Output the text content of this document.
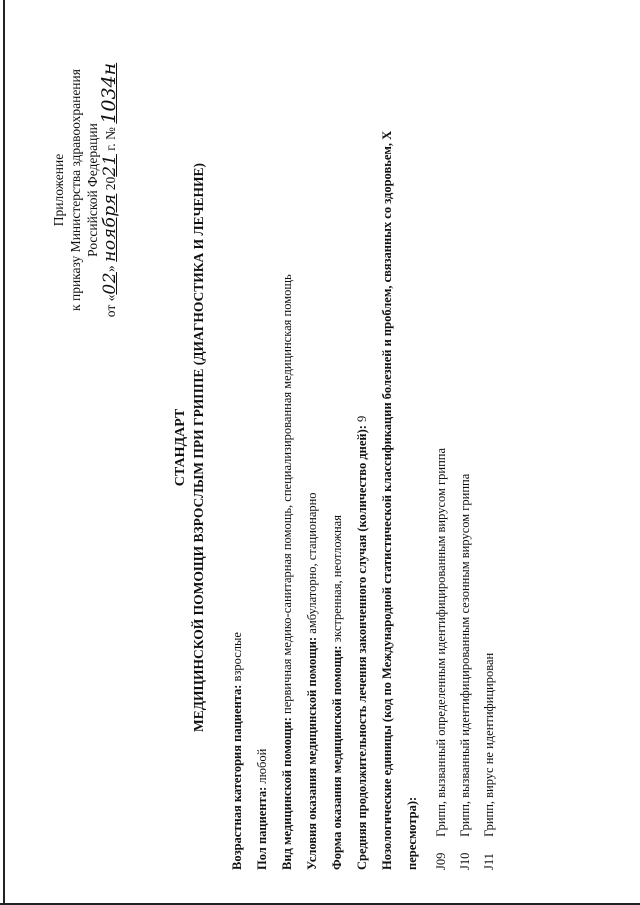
Приложение к приказу Министерства здравоохранения Российской Федерации
от «02» ноября 2021 г. № 1034н
СТАНДАРТ МЕДИЦИНСКОЙ ПОМОЩИ ВЗРОСЛЫМ ПРИ ГРИППЕ (ДИАГНОСТИКА И ЛЕЧЕНИЕ)
Возрастная категория пациента: взрослые
Пол пациента: любой Вид медицинской помощи: первичная медико-санитарная помощь, специализированная медицинская помощь
Условия оказания медицинской помощи: амбулаторно, стационарно
Форма оказания медицинской помощи: экстренная, неотложная Средняя продолжительность лечения законченного случая (количество дней): 9 Нозологические единицы (код по Международной статистической классификации болезней и проблем, связанных со здоровьем, X пересмотра):	J09 Грипп, вызванный определенным идентифицированным вирусом гриппа
J10 Грипп, вызванный идентифицированным сезонным вирусом гриппа
J11 Грипп, вирус не идентифицирован
